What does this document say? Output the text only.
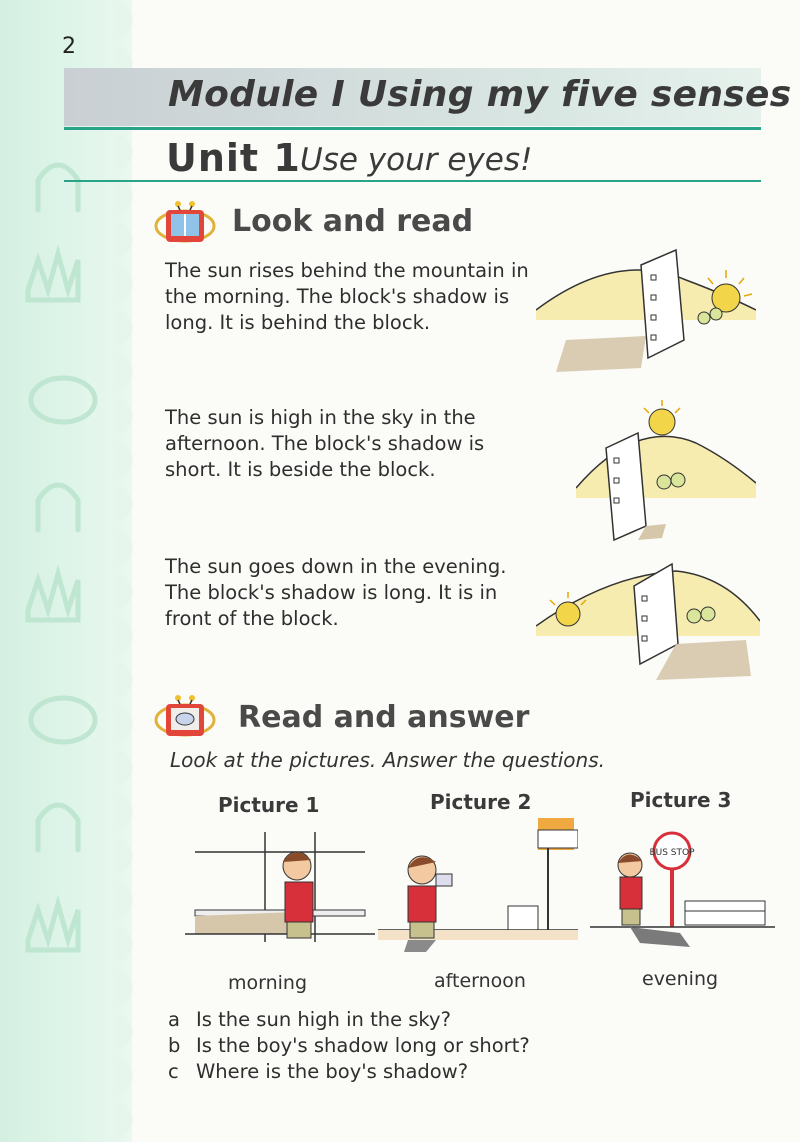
2
Module I Using my five senses
Unit 1 Use your eyes!
Look and read
The sun rises behind the mountain in the morning. The block's shadow is long. It is behind the block.
The sun is high in the sky in the afternoon. The block's shadow is short. It is beside the block.
The sun goes down in the evening. The block's shadow is long. It is in front of the block.
Read and answer
Look at the pictures. Answer the questions.
Picture 1	Picture 2	Picture 3
BUS STOP
morning	afternoon	evening
a Is the sun high in the sky?
b Is the boy's shadow long or short?
c Where is the boy's shadow?
